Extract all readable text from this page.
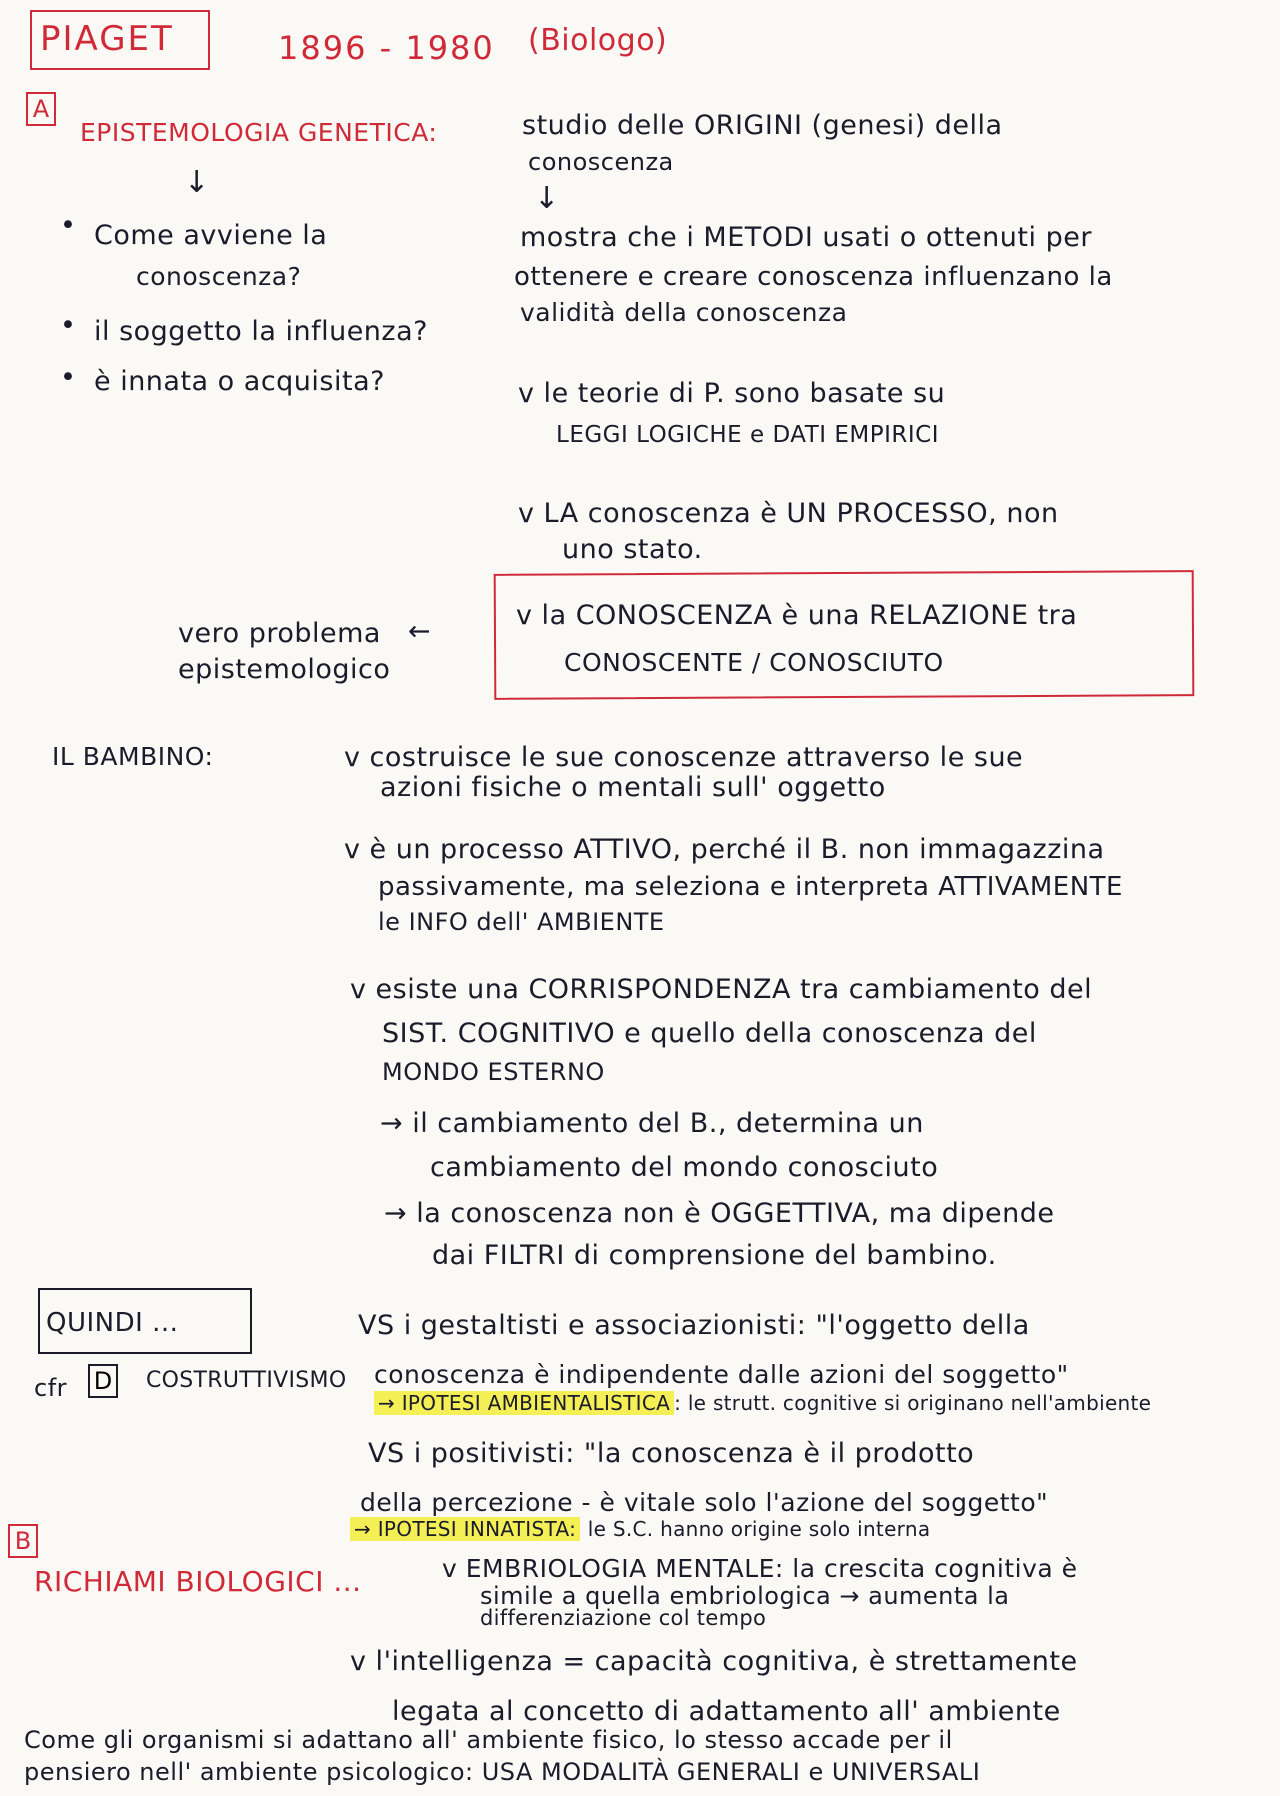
PIAGET	1896 - 1980 (Biologo)
A
EPISTEMOLOGIA GENETICA:
↓
studio delle ORIGINI (genesi) della
conoscenza
↓
• Come avviene la
conoscenza?
• il soggetto la influenza?
• è innata o acquisita?
mostra che i METODI usati o ottenuti per
ottenere e creare conoscenza influenzano la
validità della conoscenza
v le teorie di P. sono basate su
LEGGI LOGICHE e DATI EMPIRICI
v LA conoscenza è UN PROCESSO, non
uno stato.
v la CONOSCENZA è una RELAZIONE tra
CONOSCENTE / CONOSCIUTO
vero problema
epistemologico
←
IL BAMBINO:	v costruisce le sue conoscenze attraverso le sue
azioni fisiche o mentali sull' oggetto
v è un processo ATTIVO, perché il B. non immagazzina
passivamente, ma seleziona e interpreta ATTIVAMENTE
le INFO dell' AMBIENTE
v esiste una CORRISPONDENZA tra cambiamento del
SIST. COGNITIVO e quello della conoscenza del
MONDO ESTERNO
→ il cambiamento del B., determina un
cambiamento del mondo conosciuto
→ la conoscenza non è OGGETTIVA, ma dipende
dai FILTRI di comprensione del bambino.
QUINDI ...
cfr D COSTRUTTIVISMO
VS i gestaltisti e associazionisti: "l'oggetto della
conoscenza è indipendente dalle azioni del soggetto"
→ IPOTESI AMBIENTALISTICA : le strutt. cognitive si originano nell'ambiente
VS i positivisti: "la conoscenza è il prodotto
della percezione - è vitale solo l'azione del soggetto"
→ IPOTESI INNATISTA: le S.C. hanno origine solo interna
B
RICHIAMI BIOLOGICI ...	v EMBRIOLOGIA MENTALE: la crescita cognitiva è
simile a quella embriologica → aumenta la
differenziazione col tempo
v l'intelligenza = capacità cognitiva, è strettamente
legata al concetto di adattamento all' ambiente
Come gli organismi si adattano all' ambiente fisico, lo stesso accade per il
pensiero nell' ambiente psicologico: USA MODALITÀ GENERALI e UNIVERSALI
